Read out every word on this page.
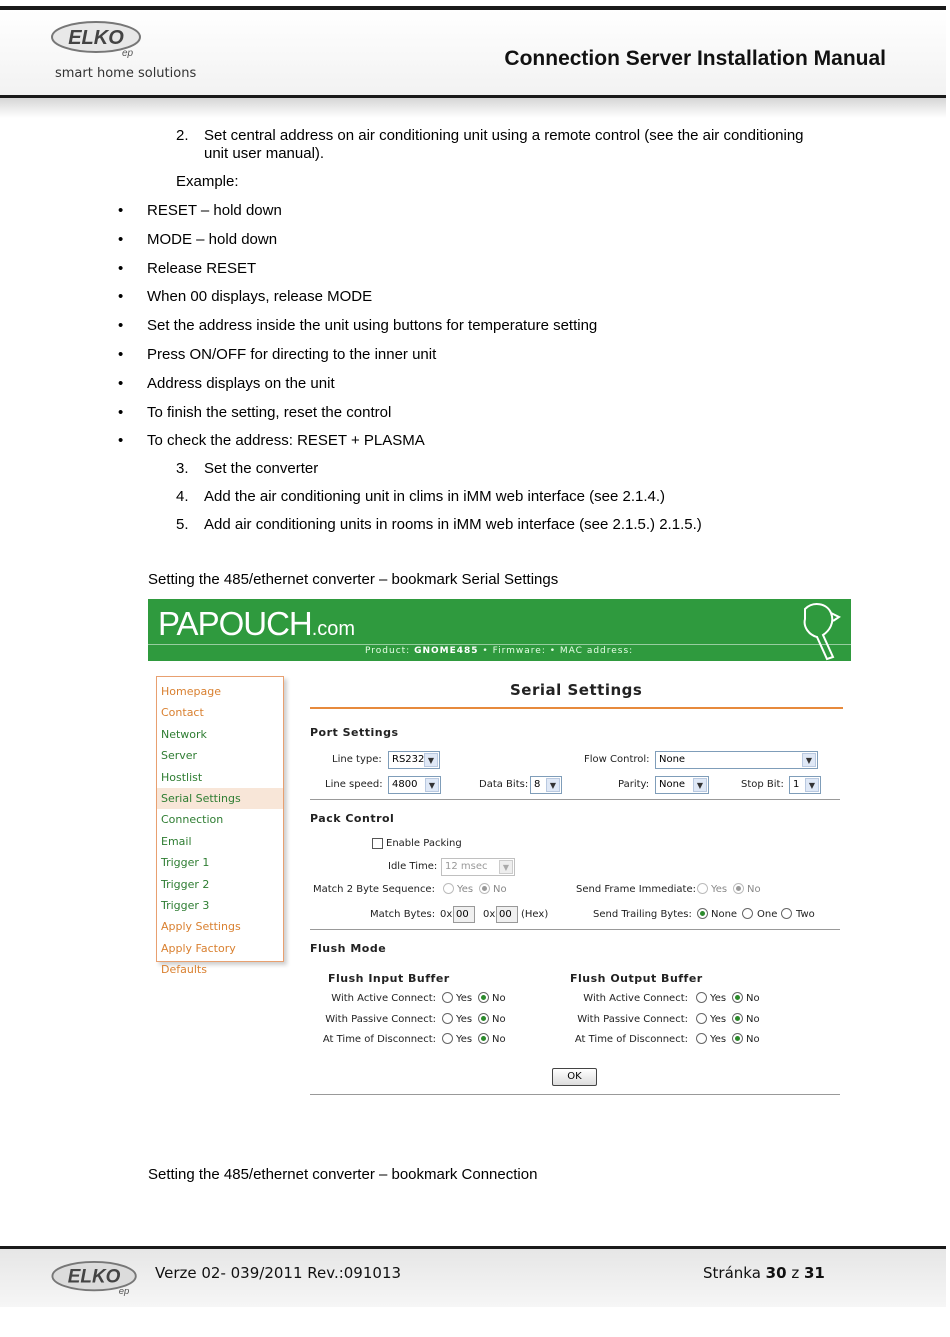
ELKO
ep
smart home solutions
Connection Server Installation Manual
2. Set central address on air conditioning unit using a remote control (see the air conditioning
unit user manual).
Example:
• RESET – hold down
• MODE – hold down
• Release RESET
• When 00 displays, release MODE
• Set the address inside the unit using buttons for temperature setting
• Press ON/OFF for directing to the inner unit
• Address displays on the unit
• To finish the setting, reset the control
• To check the address: RESET + PLASMA
3. Set the converter
4. Add the air conditioning unit in clims in iMM web interface (see 2.1.4.)
5. Add air conditioning units in rooms in iMM web interface (see 2.1.5.) 2.1.5.)
Setting the 485/ethernet converter – bookmark Serial Settings
PAPOUCH.com
Product: GNOME485 • Firmware: • MAC address:
Homepage
Contact
Network
Server
Hostlist
Serial Settings
Connection
Email
Trigger 1
Trigger 2
Trigger 3
Apply Settings
Apply Factory Defaults
Serial Settings
Port Settings
Line type:	RS232 ▼	Flow Control: None	▼
Line speed: 4800	▼	Data Bits: 8	▼	Parity: None	▼	Stop Bit: 1	▼
Pack Control
Enable Packing
Idle Time: 12 msec	▼
Match 2 Byte Sequence: Yes No	Send Frame Immediate: Yes No
Match Bytes: 0x 00	0x 00 (Hex)	Send Trailing Bytes: None One Two
Flush Mode
Flush Input Buffer	Flush Output Buffer
With Active Connect: Yes No	With Active Connect: Yes No
With Passive Connect: Yes No	With Passive Connect: Yes No
At Time of Disconnect: Yes No	At Time of Disconnect: Yes No
OK
Setting the 485/ethernet converter – bookmark Connection
ELKO
ep
Verze 02- 039/2011 Rev.:091013	Stránka 30 z 31
